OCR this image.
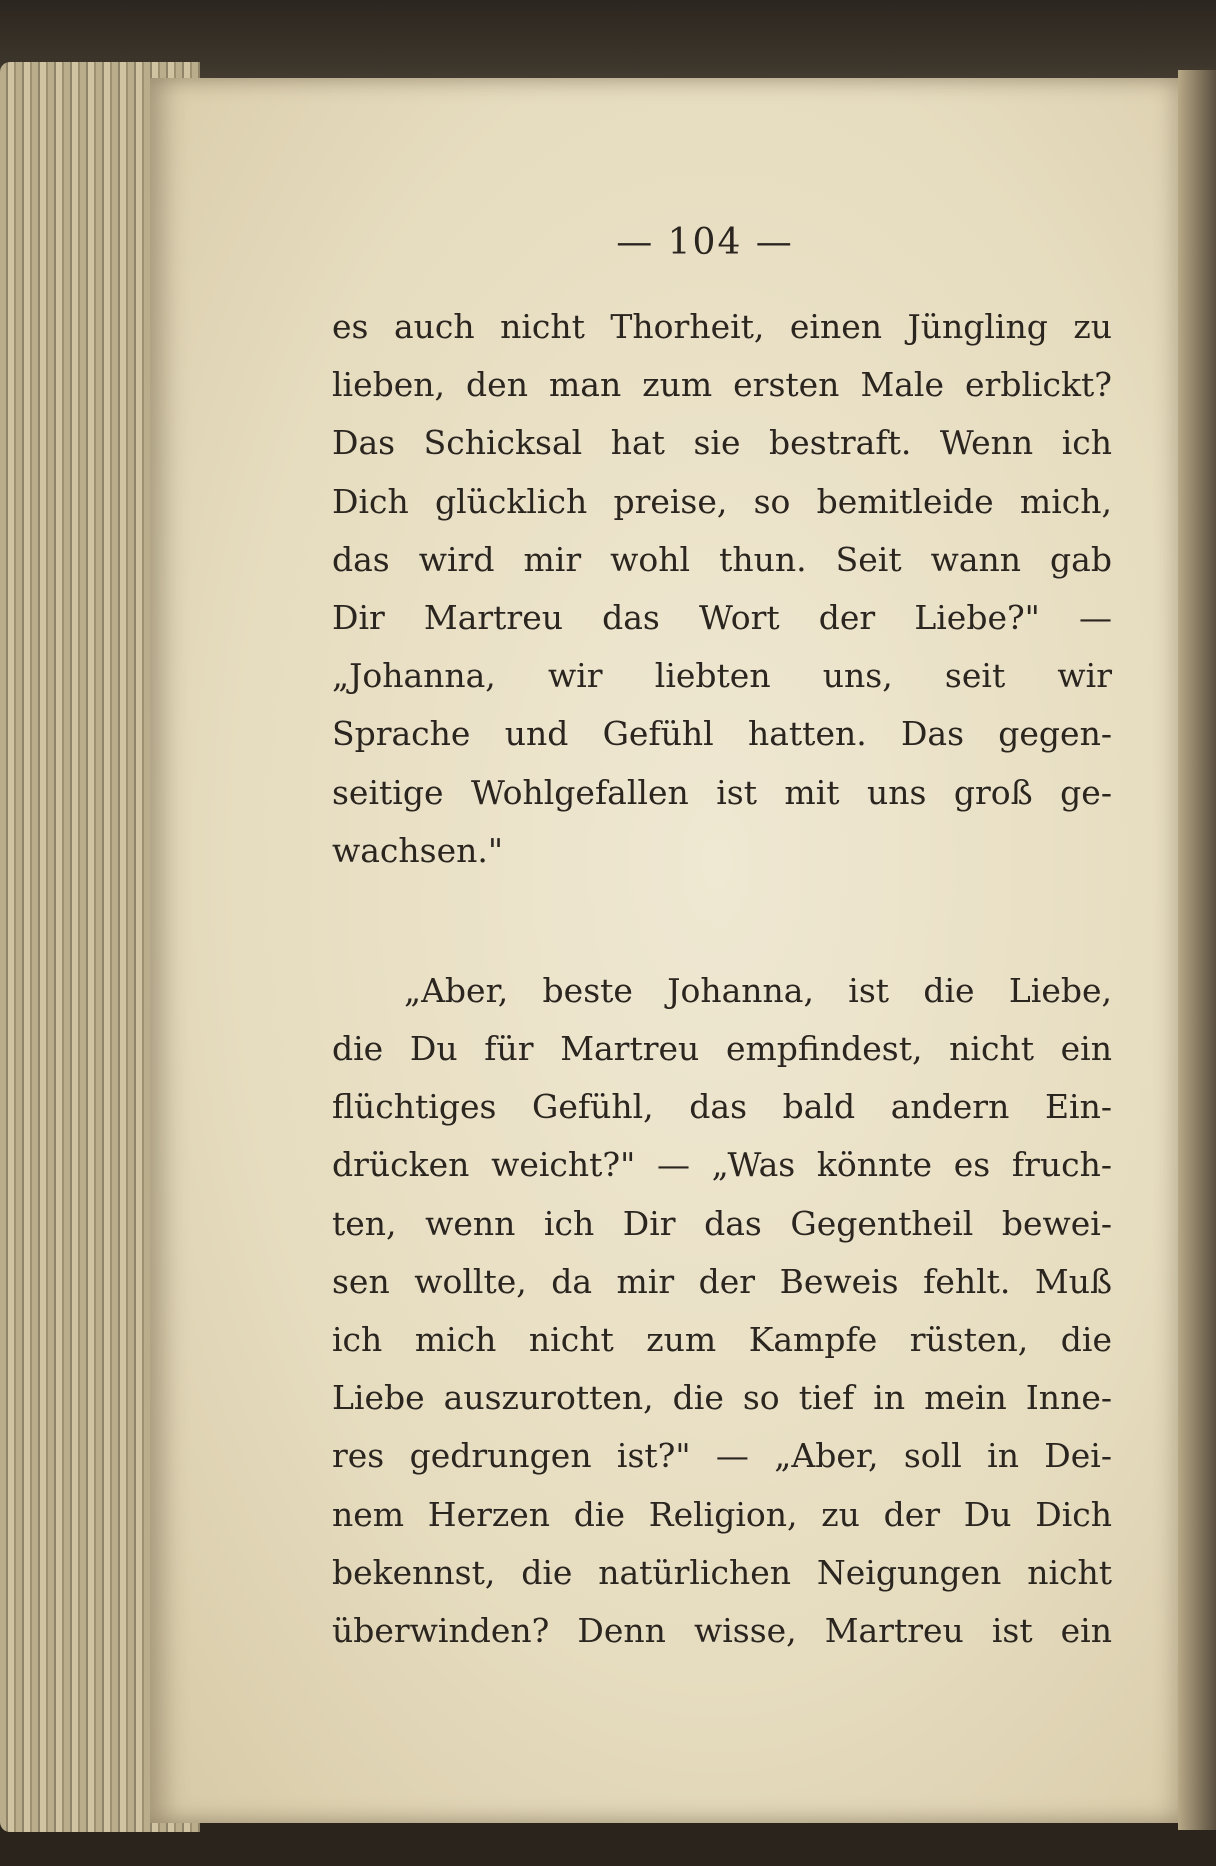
— 104 —
es auch nicht Thorheit, einen Jüngling zu
lieben, den man zum ersten Male erblickt?
Das Schicksal hat sie bestraft. Wenn ich
Dich glücklich preise, so bemitleide mich,
das wird mir wohl thun. Seit wann gab
Dir Martreu das Wort der Liebe?" —
„Johanna, wir liebten uns, seit wir
Sprache und Gefühl hatten. Das gegen-
seitige Wohlgefallen ist mit uns groß ge-
wachsen."
„Aber, beste Johanna, ist die Liebe,
die Du für Martreu empfindest, nicht ein
flüchtiges Gefühl, das bald andern Ein-
drücken weicht?" — „Was könnte es fruch-
ten, wenn ich Dir das Gegentheil bewei-
sen wollte, da mir der Beweis fehlt. Muß
ich mich nicht zum Kampfe rüsten, die
Liebe auszurotten, die so tief in mein Inne-
res gedrungen ist?" — „Aber, soll in Dei-
nem Herzen die Religion, zu der Du Dich
bekennst, die natürlichen Neigungen nicht
überwinden? Denn wisse, Martreu ist ein
